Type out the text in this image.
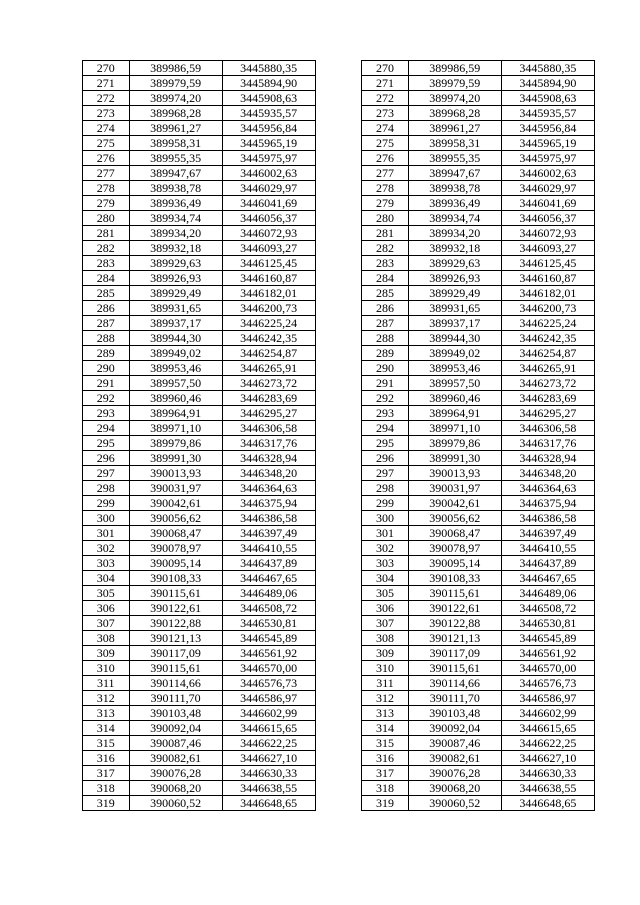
270	389986,59	3445880,35		270	389986,59	3445880,35
271	389979,59	3445894,90		271	389979,59	3445894,90
272	389974,20	3445908,63		272	389974,20	3445908,63
273	389968,28	3445935,57		273	389968,28	3445935,57
274	389961,27	3445956,84		274	389961,27	3445956,84
275	389958,31	3445965,19		275	389958,31	3445965,19
276	389955,35	3445975,97		276	389955,35	3445975,97
277	389947,67	3446002,63		277	389947,67	3446002,63
278	389938,78	3446029,97		278	389938,78	3446029,97
279	389936,49	3446041,69		279	389936,49	3446041,69
280	389934,74	3446056,37		280	389934,74	3446056,37
281	389934,20	3446072,93		281	389934,20	3446072,93
282	389932,18	3446093,27		282	389932,18	3446093,27
283	389929,63	3446125,45		283	389929,63	3446125,45
284	389926,93	3446160,87		284	389926,93	3446160,87
285	389929,49	3446182,01		285	389929,49	3446182,01
286	389931,65	3446200,73		286	389931,65	3446200,73
287	389937,17	3446225,24		287	389937,17	3446225,24
288	389944,30	3446242,35		288	389944,30	3446242,35
289	389949,02	3446254,87		289	389949,02	3446254,87
290	389953,46	3446265,91		290	389953,46	3446265,91
291	389957,50	3446273,72		291	389957,50	3446273,72
292	389960,46	3446283,69		292	389960,46	3446283,69
293	389964,91	3446295,27		293	389964,91	3446295,27
294	389971,10	3446306,58		294	389971,10	3446306,58
295	389979,86	3446317,76		295	389979,86	3446317,76
296	389991,30	3446328,94		296	389991,30	3446328,94
297	390013,93	3446348,20		297	390013,93	3446348,20
298	390031,97	3446364,63		298	390031,97	3446364,63
299	390042,61	3446375,94		299	390042,61	3446375,94
300	390056,62	3446386,58		300	390056,62	3446386,58
301	390068,47	3446397,49		301	390068,47	3446397,49
302	390078,97	3446410,55		302	390078,97	3446410,55
303	390095,14	3446437,89		303	390095,14	3446437,89
304	390108,33	3446467,65		304	390108,33	3446467,65
305	390115,61	3446489,06		305	390115,61	3446489,06
306	390122,61	3446508,72		306	390122,61	3446508,72
307	390122,88	3446530,81		307	390122,88	3446530,81
308	390121,13	3446545,89		308	390121,13	3446545,89
309	390117,09	3446561,92		309	390117,09	3446561,92
310	390115,61	3446570,00		310	390115,61	3446570,00
311	390114,66	3446576,73		311	390114,66	3446576,73
312	390111,70	3446586,97		312	390111,70	3446586,97
313	390103,48	3446602,99		313	390103,48	3446602,99
314	390092,04	3446615,65		314	390092,04	3446615,65
315	390087,46	3446622,25		315	390087,46	3446622,25
316	390082,61	3446627,10		316	390082,61	3446627,10
317	390076,28	3446630,33		317	390076,28	3446630,33
318	390068,20	3446638,55		318	390068,20	3446638,55
319	390060,52	3446648,65		319	390060,52	3446648,65
